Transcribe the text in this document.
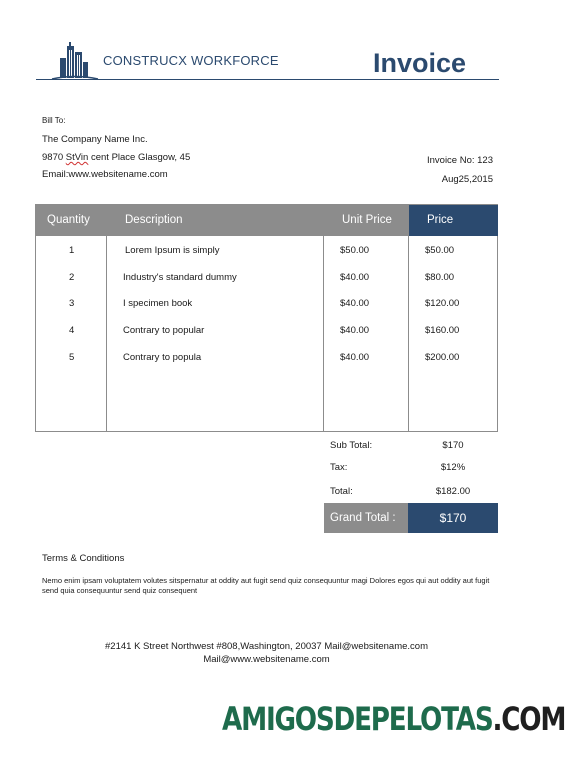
CONSTRUCX WORKFORCE	Invoice
Bill To:
The Company Name Inc.
9870 StVin cent Place Glasgow, 45
Email:www.websitename.com
Invoice No: 123
Aug25,2015
Quantity	Description	Unit Price	Price
1	Lorem Ipsum is simply	$50.00	$50.00
2	Industry's standard dummy	$40.00	$80.00
3	I specimen book	$40.00	$120.00
4	Contrary to popular	$40.00	$160.00
5	Contrary to popula	$40.00	$200.00
Sub Total:	$170
Tax:	$12%
Total:	$182.00
Grand Total :	$170
Terms & Conditions
Nemo enim ipsam voluptatem volutes sitspernatur at oddity aut fugit send quiz consequuntur magi Dolores egos qui aut oddity aut fugit send quia consequuntur send quiz consequent
#2141 K Street Northwest #808,Washington, 20037 Mail@websitename.com
Mail@www.websitename.com
AMIGOSDEPELOTAS.COM
